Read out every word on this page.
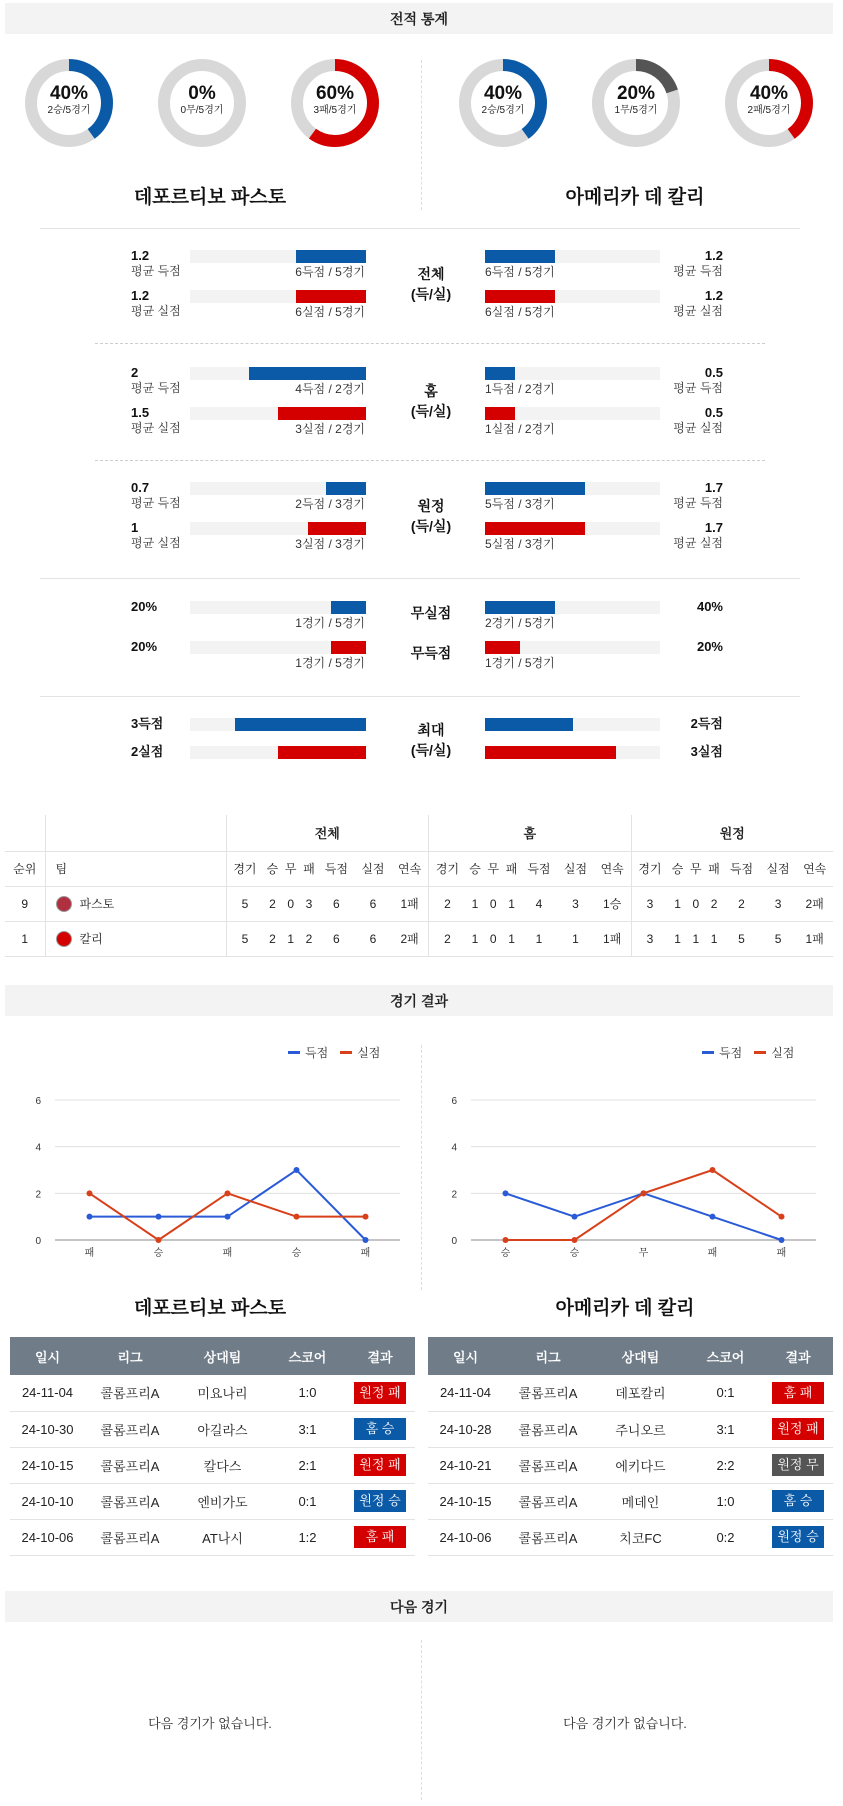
전적 통계
40%
2승/5경기
0%
0무/5경기
60%
3패/5경기
40%
2승/5경기
20%
1무/5경기
40%
2패/5경기
데포르티보 파스토	아메리카 데 칼리
1.2
평균 득점	6득점 / 5경기
1.2
평균 득점
6득점 / 5경기
1.2
평균 실점	6실점 / 5경기
1.2
평균 실점
6실점 / 5경기
전체
(득/실)
2
평균 득점	4득점 / 2경기
0.5
평균 득점
1득점 / 2경기
1.5
평균 실점	3실점 / 2경기
0.5
평균 실점
1실점 / 2경기
홈
(득/실)
0.7
평균 득점	2득점 / 3경기
1.7
평균 득점
5득점 / 3경기
1
평균 실점	3실점 / 3경기
1.7
평균 실점
5실점 / 3경기
원정
(득/실)
20%
1경기 / 5경기
40%
2경기 / 5경기
무실점
20%
1경기 / 5경기
20%
1경기 / 5경기
무득점
3득점	2득점
2실점	3실점
최대
(득/실)
		전체							홈							원정						
순위	팀	경기	승	무	패	득점	실점	연속	경기	승	무	패	득점	실점	연속	경기	승	무	패	득점	실점	연속
9	파스토	5	2	0	3	6	6	1패	2	1	0	1	4	3	1승	3	1	0	2	2	3	2패
1	칼리	5	2	1	2	6	6	2패	2	1	0	1	1	1	1패	3	1	1	1	5	5	1패
경기 결과
득점 실점	득점 실점
0
2
4
6
패	승	패	승	패
0
2
4
6
승	승	무	패	패
데포르티보 파스토	아메리카 데 칼리
일시	리그	상대팀	스코어	결과
24-11-04	콜롬프리A	미요나리	1:0	원정 패
24-10-30	콜롬프리A	아길라스	3:1	홈 승
24-10-15	콜롬프리A	칼다스	2:1	원정 패
24-10-10	콜롬프리A	엔비가도	0:1	원정 승
24-10-06	콜롬프리A	AT나시	1:2	홈 패
일시	리그	상대팀	스코어	결과
24-11-04	콜롬프리A	데포칼리	0:1	홈 패
24-10-28	콜롬프리A	주니오르	3:1	원정 패
24-10-21	콜롬프리A	에키다드	2:2	원정 무
24-10-15	콜롬프리A	메데인	1:0	홈 승
24-10-06	콜롬프리A	치코FC	0:2	원정 승
다음 경기
다음 경기가 없습니다.	다음 경기가 없습니다.
